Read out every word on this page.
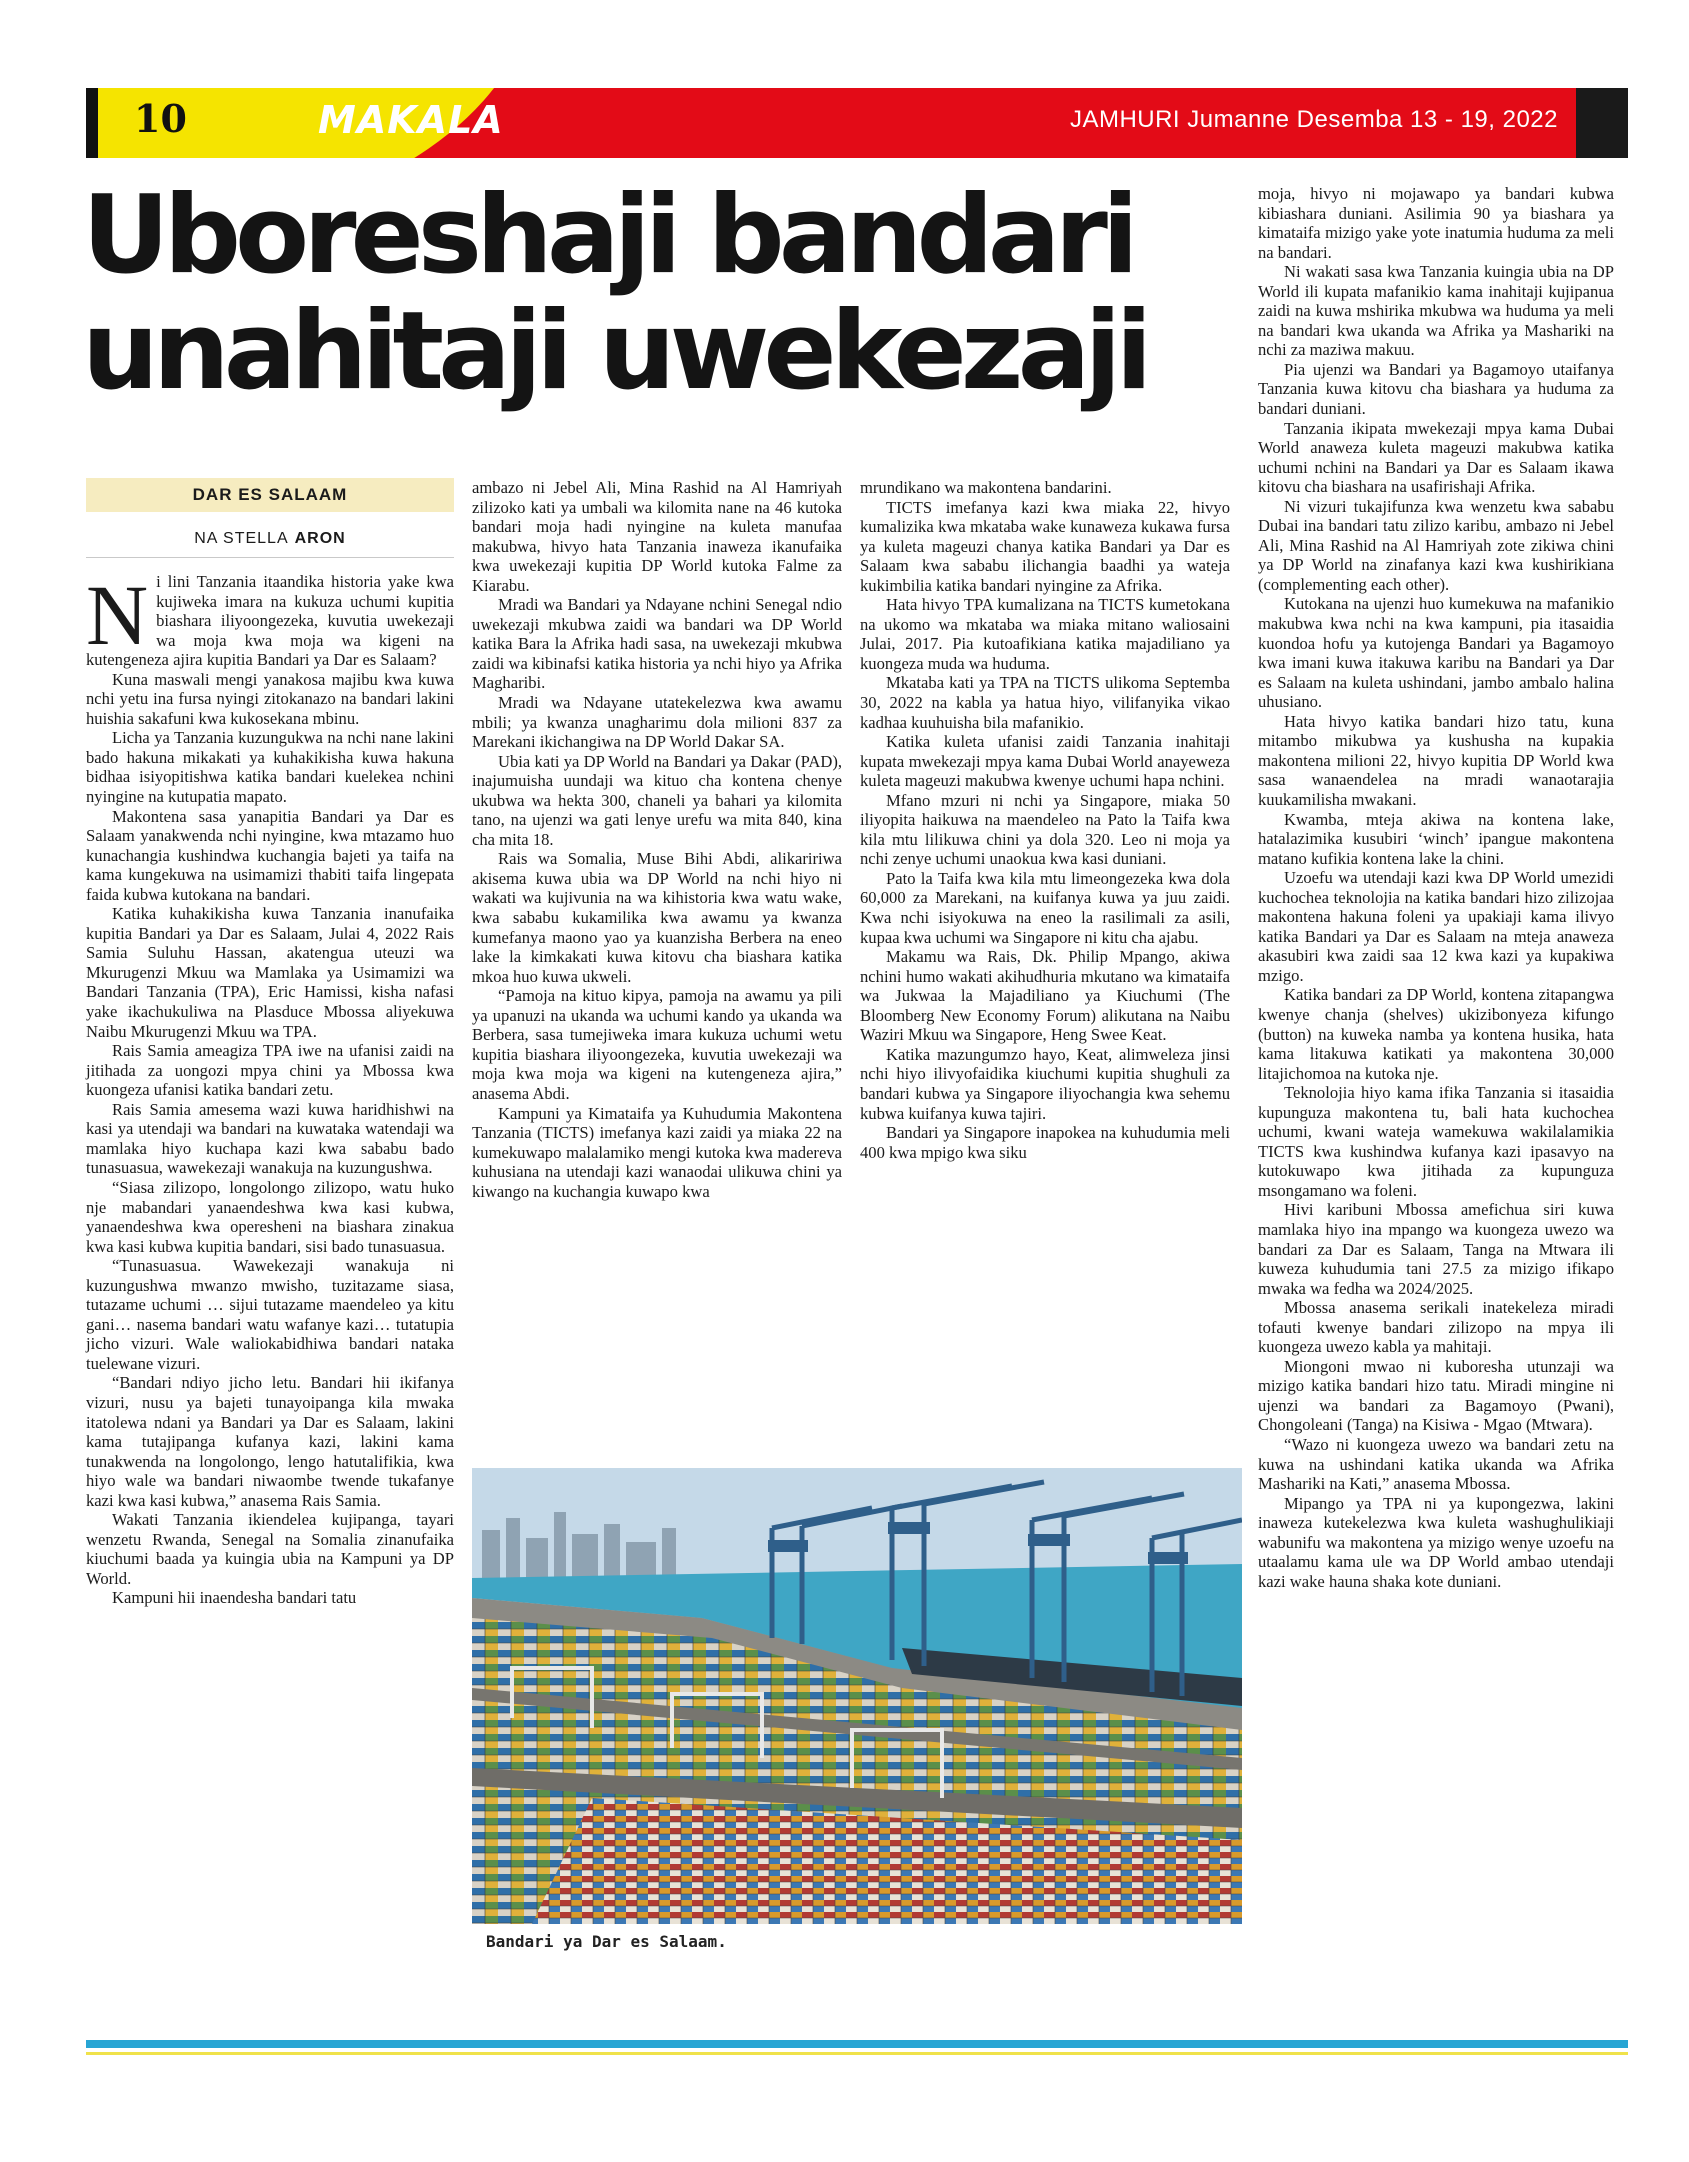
10	MAKALA	JAMHURI Jumanne Desemba 13 - 19, 2022
Uboreshaji bandari
unahitaji uwekezaji
DAR ES SALAAM
NA STELLA ARON
N i lini Tanzania itaandika historia yake kwa kujiweka imara na kukuza uchumi kupitia biashara iliyoongezeka, kuvutia uwekezaji wa moja kwa moja wa kigeni na kutengeneza ajira kupitia Bandari ya Dar es Salaam?

Kuna maswali mengi yanakosa majibu kwa kuwa nchi yetu ina fursa nyingi zitokanazo na bandari lakini huishia sakafuni kwa kukosekana mbinu.

Licha ya Tanzania kuzungukwa na nchi nane lakini bado hakuna mikakati ya kuhakikisha kuwa hakuna bidhaa isiyopitishwa katika bandari kuelekea nchini nyingine na kutupatia mapato.

Makontena sasa yanapitia Bandari ya Dar es Salaam yanakwenda nchi nyingine, kwa mtazamo huo kunachangia kushindwa kuchangia bajeti ya taifa na kama kungekuwa na usimamizi thabiti taifa lingepata faida kubwa kutokana na bandari.

Katika kuhakikisha kuwa Tanzania inanufaika kupitia Bandari ya Dar es Salaam, Julai 4, 2022 Rais Samia Suluhu Hassan, akatengua uteuzi wa Mkurugenzi Mkuu wa Mamlaka ya Usimamizi wa Bandari Tanzania (TPA), Eric Hamissi, kisha nafasi yake ikachukuliwa na Plasduce Mbossa aliyekuwa Naibu Mkurugenzi Mkuu wa TPA.

Rais Samia ameagiza TPA iwe na ufanisi zaidi na jitihada za uongozi mpya chini ya Mbossa kwa kuongeza ufanisi katika bandari zetu.

Rais Samia amesema wazi kuwa haridhishwi na kasi ya utendaji wa bandari na kuwataka watendaji wa mamlaka hiyo kuchapa kazi kwa sababu bado tunasuasua, wawekezaji wanakuja na kuzungushwa.

“Siasa zilizopo, longolongo zilizopo, watu huko nje mabandari yanaendeshwa kwa kasi kubwa, yanaendeshwa kwa operesheni na biashara zinakua kwa kasi kubwa kupitia bandari, sisi bado tunasuasua.

“Tunasuasua. Wawekezaji wanakuja ni kuzungushwa mwanzo mwisho, tuzitazame siasa, tutazame uchumi … sijui tutazame maendeleo ya kitu gani… nasema bandari watu wafanye kazi… tutatupia jicho vizuri. Wale waliokabidhiwa bandari nataka tuelewane vizuri.

“Bandari ndiyo jicho letu. Bandari hii ikifanya vizuri, nusu ya bajeti tunayoipanga kila mwaka itatolewa ndani ya Bandari ya Dar es Salaam, lakini kama tutajipanga kufanya kazi, lakini kama tunakwenda na longolongo, lengo hatutalifikia, kwa hiyo wale wa bandari niwaombe twende tukafanye kazi kwa kasi kubwa,” anasema Rais Samia.

Wakati Tanzania ikiendelea kujipanga, tayari wenzetu Rwanda, Senegal na Somalia zinanufaika kiuchumi baada ya kuingia ubia na Kampuni ya DP World.

Kampuni hii inaendesha bandari tatu

ambazo ni Jebel Ali, Mina Rashid na Al Hamriyah zilizoko kati ya umbali wa kilomita nane na 46 kutoka bandari moja hadi nyingine na kuleta manufaa makubwa, hivyo hata Tanzania inaweza ikanufaika kwa uwekezaji kupitia DP World kutoka Falme za Kiarabu.

Mradi wa Bandari ya Ndayane nchini Senegal ndio uwekezaji mkubwa zaidi wa bandari wa DP World katika Bara la Afrika hadi sasa, na uwekezaji mkubwa zaidi wa kibinafsi katika historia ya nchi hiyo ya Afrika Magharibi.

Mradi wa Ndayane utatekelezwa kwa awamu mbili; ya kwanza unagharimu dola milioni 837 za Marekani ikichangiwa na DP World Dakar SA.

Ubia kati ya DP World na Bandari ya Dakar (PAD), inajumuisha uundaji wa kituo cha kontena chenye ukubwa wa hekta 300, chaneli ya bahari ya kilomita tano, na ujenzi wa gati lenye urefu wa mita 840, kina cha mita 18.

Rais wa Somalia, Muse Bihi Abdi, alikaririwa akisema kuwa ubia wa DP World na nchi hiyo ni wakati wa kujivunia na wa kihistoria kwa watu wake, kwa sababu kukamilika kwa awamu ya kwanza kumefanya maono yao ya kuanzisha Berbera na eneo lake la kimkakati kuwa kitovu cha biashara katika mkoa huo kuwa ukweli.

“Pamoja na kituo kipya, pamoja na awamu ya pili ya upanuzi na ukanda wa uchumi kando ya ukanda wa Berbera, sasa tumejiweka imara kukuza uchumi wetu kupitia biashara iliyoongezeka, kuvutia uwekezaji wa moja kwa moja wa kigeni na kutengeneza ajira,” anasema Abdi.

Kampuni ya Kimataifa ya Kuhudumia Makontena Tanzania (TICTS) imefanya kazi zaidi ya miaka 22 na kumekuwapo malalamiko mengi kutoka kwa madereva kuhusiana na utendaji kazi wanaodai ulikuwa chini ya kiwango na kuchangia kuwapo kwa

mrundikano wa makontena bandarini.

TICTS imefanya kazi kwa miaka 22, hivyo kumalizika kwa mkataba wake kunaweza kukawa fursa ya kuleta mageuzi chanya katika Bandari ya Dar es Salaam kwa sababu ilichangia baadhi ya wateja kukimbilia katika bandari nyingine za Afrika.

Hata hivyo TPA kumalizana na TICTS kumetokana na ukomo wa mkataba wa miaka mitano waliosaini Julai, 2017. Pia kutoafikiana katika majadiliano ya kuongeza muda wa huduma.

Mkataba kati ya TPA na TICTS ulikoma Septemba 30, 2022 na kabla ya hatua hiyo, vilifanyika vikao kadhaa kuuhuisha bila mafanikio.

Katika kuleta ufanisi zaidi Tanzania inahitaji kupata mwekezaji mpya kama Dubai World anayeweza kuleta mageuzi makubwa kwenye uchumi hapa nchini.

Mfano mzuri ni nchi ya Singapore, miaka 50 iliyopita haikuwa na maendeleo na Pato la Taifa kwa kila mtu lilikuwa chini ya dola 320. Leo ni moja ya nchi zenye uchumi unaokua kwa kasi duniani.

Pato la Taifa kwa kila mtu limeongezeka kwa dola 60,000 za Marekani, na kuifanya kuwa ya juu zaidi. Kwa nchi isiyokuwa na eneo la rasilimali za asili, kupaa kwa uchumi wa Singapore ni kitu cha ajabu.

Makamu wa Rais, Dk. Philip Mpango, akiwa nchini humo wakati akihudhuria mkutano wa kimataifa wa Jukwaa la Majadiliano ya Kiuchumi (The Bloomberg New Economy Forum) alikutana na Naibu Waziri Mkuu wa Singapore, Heng Swee Keat.

Katika mazungumzo hayo, Keat, alimweleza jinsi nchi hiyo ilivyofaidika kiuchumi kupitia shughuli za bandari kubwa ya Singapore iliyochangia kwa sehemu kubwa kuifanya kuwa tajiri.

Bandari ya Singapore inapokea na kuhudumia meli 400 kwa mpigo kwa siku

moja, hivyo ni mojawapo ya bandari kubwa kibiashara duniani. Asilimia 90 ya biashara ya kimataifa mizigo yake yote inatumia huduma za meli na bandari.

Ni wakati sasa kwa Tanzania kuingia ubia na DP World ili kupata mafanikio kama inahitaji kujipanua zaidi na kuwa mshirika mkubwa wa huduma ya meli na bandari kwa ukanda wa Afrika ya Mashariki na nchi za maziwa makuu.

Pia ujenzi wa Bandari ya Bagamoyo utaifanya Tanzania kuwa kitovu cha biashara ya huduma za bandari duniani.

Tanzania ikipata mwekezaji mpya kama Dubai World anaweza kuleta mageuzi makubwa katika uchumi nchini na Bandari ya Dar es Salaam ikawa kitovu cha biashara na usafirishaji Afrika.

Ni vizuri tukajifunza kwa wenzetu kwa sababu Dubai ina bandari tatu zilizo karibu, ambazo ni Jebel Ali, Mina Rashid na Al Hamriyah zote zikiwa chini ya DP World na zinafanya kazi kwa kushirikiana (complementing each other).

Kutokana na ujenzi huo kumekuwa na mafanikio makubwa kwa nchi na kwa kampuni, pia itasaidia kuondoa hofu ya kutojenga Bandari ya Bagamoyo kwa imani kuwa itakuwa karibu na Bandari ya Dar es Salaam na kuleta ushindani, jambo ambalo halina uhusiano.

Hata hivyo katika bandari hizo tatu, kuna mitambo mikubwa ya kushusha na kupakia makontena milioni 22, hivyo kupitia DP World kwa sasa wanaendelea na mradi wanaotarajia kuukamilisha mwakani.

Kwamba, mteja akiwa na kontena lake, hatalazimika kusubiri ‘winch’ ipangue makontena matano kufikia kontena lake la chini.

Uzoefu wa utendaji kazi kwa DP World umezidi kuchochea teknolojia na katika bandari hizo zilizojaa makontena hakuna foleni ya upakiaji kama ilivyo katika Bandari ya Dar es Salaam na mteja anaweza akasubiri kwa zaidi saa 12 kwa kazi ya kupakiwa mzigo.

Katika bandari za DP World, kontena zitapangwa kwenye chanja (shelves) ukizibonyeza kifungo (button) na kuweka namba ya kontena husika, hata kama litakuwa katikati ya makontena 30,000 litajichomoa na kutoka nje.

Teknolojia hiyo kama ifika Tanzania si itasaidia kupunguza makontena tu, bali hata kuchochea uchumi, kwani wateja wamekuwa wakilalamikia TICTS kwa kushindwa kufanya kazi ipasavyo na kutokuwapo kwa jitihada za kupunguza msongamano wa foleni.

Hivi karibuni Mbossa amefichua siri kuwa mamlaka hiyo ina mpango wa kuongeza uwezo wa bandari za Dar es Salaam, Tanga na Mtwara ili kuweza kuhudumia tani 27.5 za mizigo ifikapo mwaka wa fedha wa 2024/2025.

Mbossa anasema serikali inatekeleza miradi tofauti kwenye bandari zilizopo na mpya ili kuongeza uwezo kabla ya mahitaji.

Miongoni mwao ni kuboresha utunzaji wa mizigo katika bandari hizo tatu. Miradi mingine ni ujenzi wa bandari za Bagamoyo (Pwani), Chongoleani (Tanga) na Kisiwa - Mgao (Mtwara).

“Wazo ni kuongeza uwezo wa bandari zetu na kuwa na ushindani katika ukanda wa Afrika Mashariki na Kati,” anasema Mbossa.

Mipango ya TPA ni ya kupongezwa, lakini inaweza kutekelezwa kwa kuleta washughulikiaji wabunifu wa makontena ya mizigo wenye uzoefu na utaalamu kama ule wa DP World ambao utendaji kazi wake hauna shaka kote duniani.

Bandari ya Dar es Salaam.
